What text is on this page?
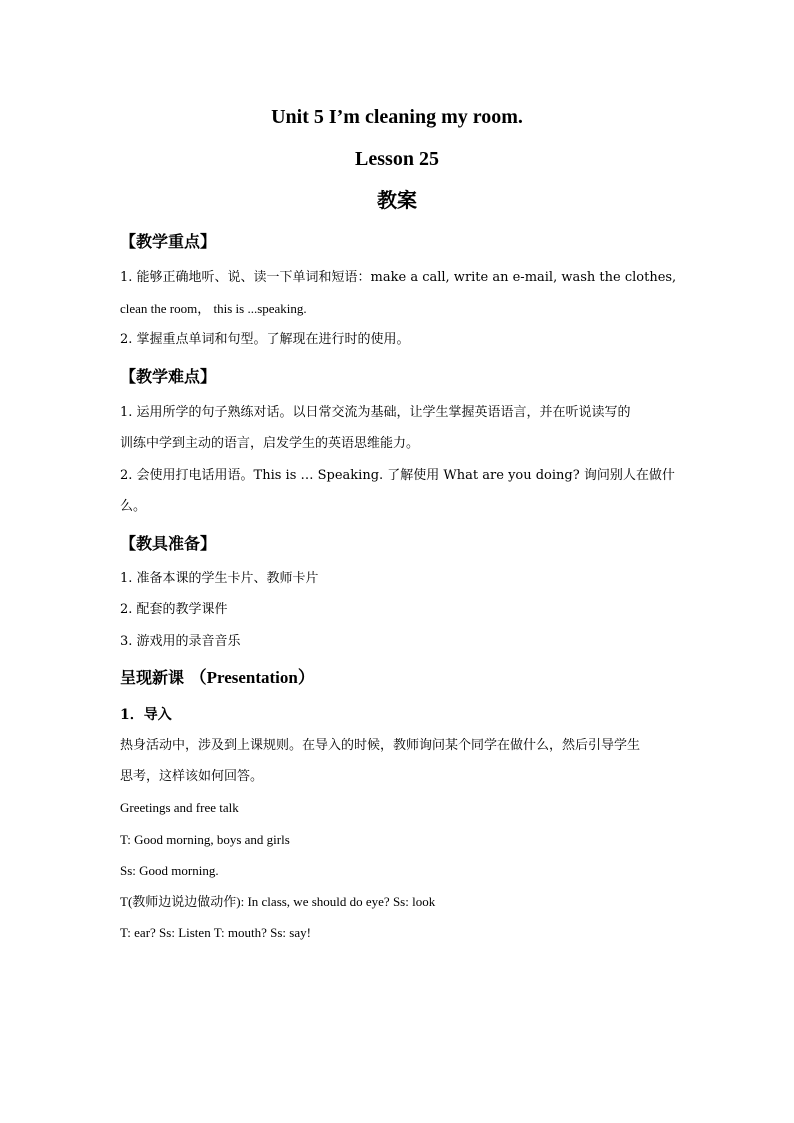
Unit 5 I’m cleaning my room.
Lesson 25
教案
【教学重点】
1. 能够正确地听、说、读一下单词和短语：make a call, write an e-mail, wash the clothes,
clean the room， this is ...speaking.
2. 掌握重点单词和句型。了解现在进行时的使用。
【教学难点】
1. 运用所学的句子熟练对话。以日常交流为基础，让学生掌握英语语言，并在听说读写的
训练中学到主动的语言，启发学生的英语思维能力。
2. 会使用打电话用语。This is … Speaking. 了解使用 What are you doing? 询问别人在做什
么。
【教具准备】
1. 准备本课的学生卡片、教师卡片
2. 配套的教学课件
3. 游戏用的录音音乐
呈现新课 （Presentation）
1．导入
热身活动中，涉及到上课规则。在导入的时候，教师询问某个同学在做什么，然后引导学生
思考，这样该如何回答。
Greetings and free talk
T: Good morning, boys and girls
Ss: Good morning.
T(教师边说边做动作): In class, we should do eye? Ss: look
T: ear? Ss: Listen T: mouth? Ss: say!
